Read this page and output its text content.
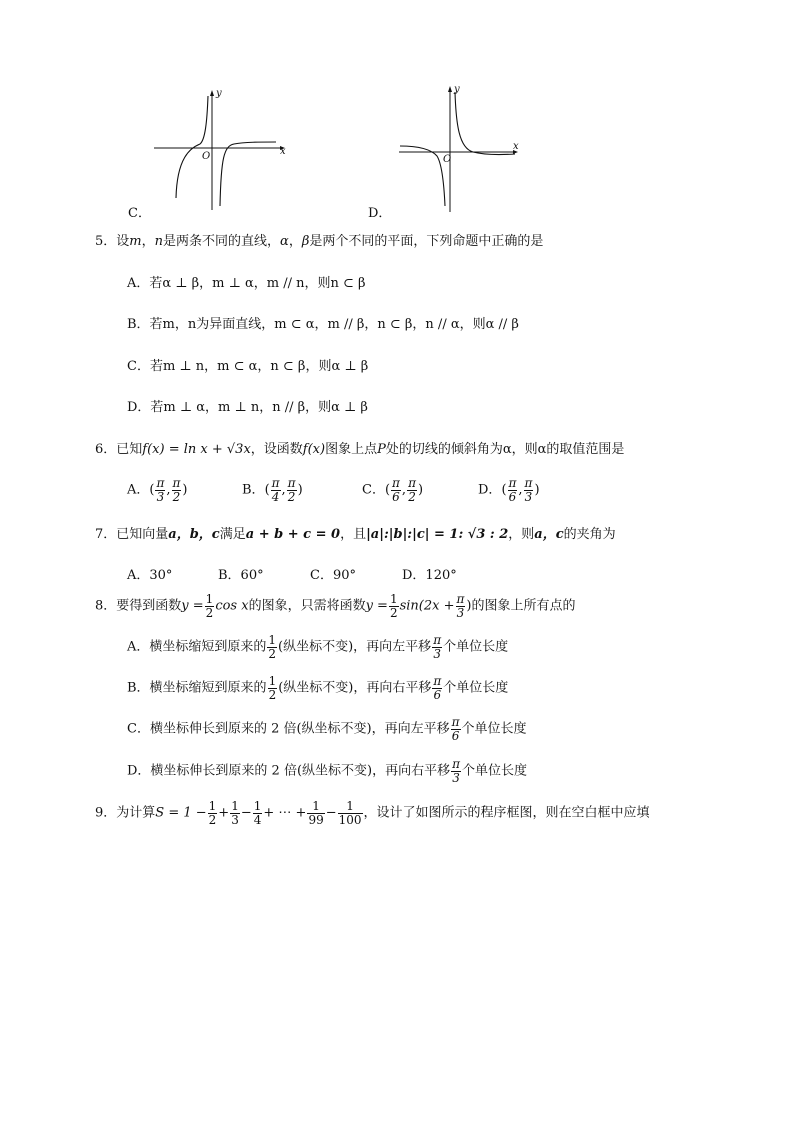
x
y
O
C．
x
y
O
D．
5．设m，n是两条不同的直线，α，β是两个不同的平面，下列命题中正确的是
A．若α ⊥ β，m ⊥ α，m // n，则n ⊂ β
B．若m，n为异面直线，m ⊂ α，m // β，n ⊂ β，n // α，则α // β
C．若m ⊥ n，m ⊂ α，n ⊂ β，则α ⊥ β
D．若m ⊥ α，m ⊥ n，n // β，则α ⊥ β
6．已知f(x) = ln x + √3x，设函数f(x)图象上点P处的切线的倾斜角为α，则α的取值范围是
A．( $\frac{\pi}{3}$ , $\frac{\pi}{2}$ )	B．( $\frac{\pi}{4}$ , $\frac{\pi}{2}$ )	C．( $\frac{\pi}{6}$ , $\frac{\pi}{2}$ )	D．( $\frac{\pi}{6}$ , $\frac{\pi}{3}$ )
7．已知向量a，b，c满足a + b + c = 0，且|a|:|b|:|c| = 1: √3 : 2，则a，c的夹角为
A．30°	B．60°	C．90°	D．120°
8．要得到函数$y = \frac{1}{2}$ cos x的图象，只需将函数$y = \frac{1}{2} \sin(2x + \frac{\pi}{3}$ )的图象上所有点的
A．横坐标缩短到原来的 $\frac{1}{2}$ (纵坐标不变)，再向左平移 $\frac{\pi}{3}$ 个单位长度
B．横坐标缩短到原来的 $\frac{1}{2}$ (纵坐标不变)，再向右平移 $\frac{\pi}{6}$ 个单位长度
C．横坐标伸长到原来的 2 倍(纵坐标不变)，再向左平移 $\frac{\pi}{6}$ 个单位长度
D．横坐标伸长到原来的 2 倍(纵坐标不变)，再向右平移 $\frac{\pi}{3}$ 个单位长度
9．为计算$S = 1 - \frac{1}{2} + \frac{1}{3} - \frac{1}{4}$ + ⋯ + $\frac{1}{99} - \frac{1}{100}$ ，设计了如图所示的程序框图，则在空白框中应填
